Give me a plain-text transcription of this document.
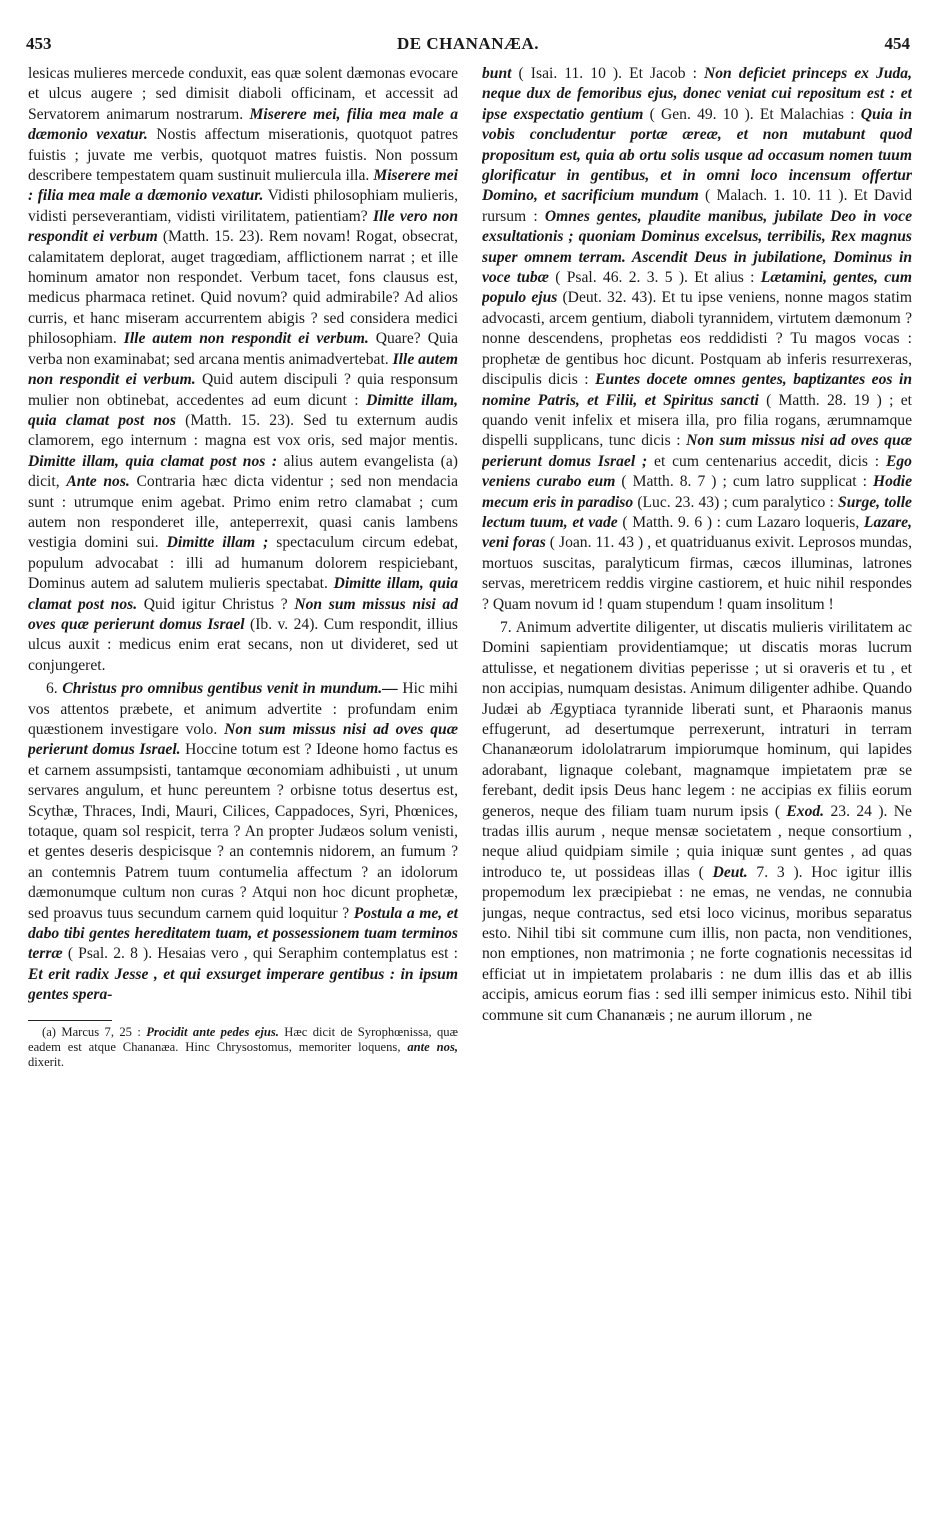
453	DE CHANANÆA.	454

lesicas mulieres mercede conduxit, eas quæ solent dæmonas evocare et ulcus augere ; sed dimisit diaboli officinam, et accessit ad Servatorem animarum nostrarum. Miserere mei, filia mea male a dæmonio vexatur. Nostis affectum miserationis, quotquot patres fuistis ; juvate me verbis, quotquot matres fuistis. Non possum describere tempestatem quam sustinuit muliercula illa. Miserere mei : filia mea male a dæmonio vexatur. Vidisti philosophiam mulieris, vidisti perseverantiam, vidisti virilitatem, patientiam? Ille vero non respondit ei verbum (Matth. 15. 23). Rem novam! Rogat, obsecrat, calamitatem deplorat, auget tragœdiam, afflictionem narrat ; et ille hominum amator non respondet. Verbum tacet, fons clausus est, medicus pharmaca retinet. Quid novum? quid admirabile? Ad alios curris, et hanc miseram accurrentem abigis ? sed considera medici philosophiam. Ille autem non respondit ei verbum. Quare? Quia verba non examinabat; sed arcana mentis animadvertebat. Ille autem non respondit ei verbum. Quid autem discipuli ? quia responsum mulier non obtinebat, accedentes ad eum dicunt : Dimitte illam, quia clamat post nos (Matth. 15. 23). Sed tu externum audis clamorem, ego internum : magna est vox oris, sed major mentis. Dimitte illam, quia clamat post nos : alius autem evangelista (a) dicit, Ante nos. Contraria hæc dicta videntur ; sed non mendacia sunt : utrumque enim agebat. Primo enim retro clamabat ; cum autem non responderet ille, anteperrexit, quasi canis lambens vestigia domini sui. Dimitte illam ; spectaculum circum edebat, populum advocabat : illi ad humanum dolorem respiciebant, Dominus autem ad salutem mulieris spectabat. Dimitte illam, quia clamat post nos. Quid igitur Christus ? Non sum missus nisi ad oves quæ perierunt domus Israel (Ib. v. 24). Cum respondit, illius ulcus auxit : medicus enim erat secans, non ut divideret, sed ut conjungeret.

6. Christus pro omnibus gentibus venit in mundum.— Hic mihi vos attentos præbete, et animum advertite : profundam enim quæstionem investigare volo. Non sum missus nisi ad oves quæ perierunt domus Israel. Hoccine totum est ? Ideone homo factus es et carnem assumpsisti, tantamque œconomiam adhibuisti , ut unum servares angulum, et hunc pereuntem ? orbisne totus desertus est, Scythæ, Thraces, Indi, Mauri, Cilices, Cappadoces, Syri, Phœnices, totaque, quam sol respicit, terra ? An propter Judæos solum venisti, et gentes deseris despicisque ? an contemnis nidorem, an fumum ? an contemnis Patrem tuum contumelia affectum ? an idolorum dæmonumque cultum non curas ? Atqui non hoc dicunt prophetæ, sed proavus tuus secundum carnem quid loquitur ? Postula a me, et dabo tibi gentes hereditatem tuam, et possessionem tuam terminos terræ ( Psal. 2. 8 ). Hesaias vero , qui Seraphim contemplatus est : Et erit radix Jesse , et qui exsurget imperare gentibus : in ipsum gentes spera-

(a) Marcus 7, 25 : Procidit ante pedes ejus. Hæc dicit de Syrophœnissa, quæ eadem est atque Chananæa. Hinc Chrysostomus, memoriter loquens, ante nos, dixerit.

bunt ( Isai. 11. 10 ). Et Jacob : Non deficiet princeps ex Juda, neque dux de femoribus ejus, donec veniat cui repositum est : et ipse exspectatio gentium ( Gen. 49. 10 ). Et Malachias : Quia in vobis concludentur portæ æreæ, et non mutabunt quod propositum est, quia ab ortu solis usque ad occasum nomen tuum glorificatur in gentibus, et in omni loco incensum offertur Domino, et sacrificium mundum ( Malach. 1. 10. 11 ). Et David rursum : Omnes gentes, plaudite manibus, jubilate Deo in voce exsultationis ; quoniam Dominus excelsus, terribilis, Rex magnus super omnem terram. Ascendit Deus in jubilatione, Dominus in voce tubæ ( Psal. 46. 2. 3. 5 ). Et alius : Lætamini, gentes, cum populo ejus (Deut. 32. 43). Et tu ipse veniens, nonne magos statim advocasti, arcem gentium, diaboli tyrannidem, virtutem dæmonum ? nonne descendens, prophetas eos reddidisti ? Tu magos vocas : prophetæ de gentibus hoc dicunt. Postquam ab inferis resurrexeras, discipulis dicis : Euntes docete omnes gentes, baptizantes eos in nomine Patris, et Filii, et Spiritus sancti ( Matth. 28. 19 ) ; et quando venit infelix et misera illa, pro filia rogans, ærumnamque dispelli supplicans, tunc dicis : Non sum missus nisi ad oves quæ perierunt domus Israel ; et cum centenarius accedit, dicis : Ego veniens curabo eum ( Matth. 8. 7 ) ; cum latro supplicat : Hodie mecum eris in paradiso (Luc. 23. 43) ; cum paralytico : Surge, tolle lectum tuum, et vade ( Matth. 9. 6 ) : cum Lazaro loqueris, Lazare, veni foras ( Joan. 11. 43 ) , et quatriduanus exivit. Leprosos mundas, mortuos suscitas, paralyticum firmas, cæcos illuminas, latrones servas, meretricem reddis virgine castiorem, et huic nihil respondes ? Quam novum id ! quam stupendum ! quam insolitum !

7. Animum advertite diligenter, ut discatis mulieris virilitatem ac Domini sapientiam providentiamque; ut discatis moras lucrum attulisse, et negationem divitias peperisse ; ut si oraveris et tu , et non accipias, numquam desistas. Animum diligenter adhibe. Quando Judæi ab Ægyptiaca tyrannide liberati sunt, et Pharaonis manus effugerunt, ad desertumque perrexerunt, intraturi in terram Chananæorum idololatrarum impiorumque hominum, qui lapides adorabant, lignaque colebant, magnamque impietatem præ se ferebant, dedit ipsis Deus hanc legem : ne accipias ex filiis eorum generos, neque des filiam tuam nurum ipsis ( Exod. 23. 24 ). Ne tradas illis aurum , neque mensæ societatem , neque consortium , neque aliud quidpiam simile ; quia iniquæ sunt gentes , ad quas introduco te, ut possideas illas ( Deut. 7. 3 ). Hoc igitur illis propemodum lex præcipiebat : ne emas, ne vendas, ne connubia jungas, neque contractus, sed etsi loco vicinus, moribus separatus esto. Nihil tibi sit commune cum illis, non pacta, non venditiones, non emptiones, non matrimonia ; ne forte cognationis necessitas id efficiat ut in impietatem prolabaris : ne dum illis das et ab illis accipis, amicus eorum fias : sed illi semper inimicus esto. Nihil tibi commune sit cum Chananæis ; ne aurum illorum , ne
